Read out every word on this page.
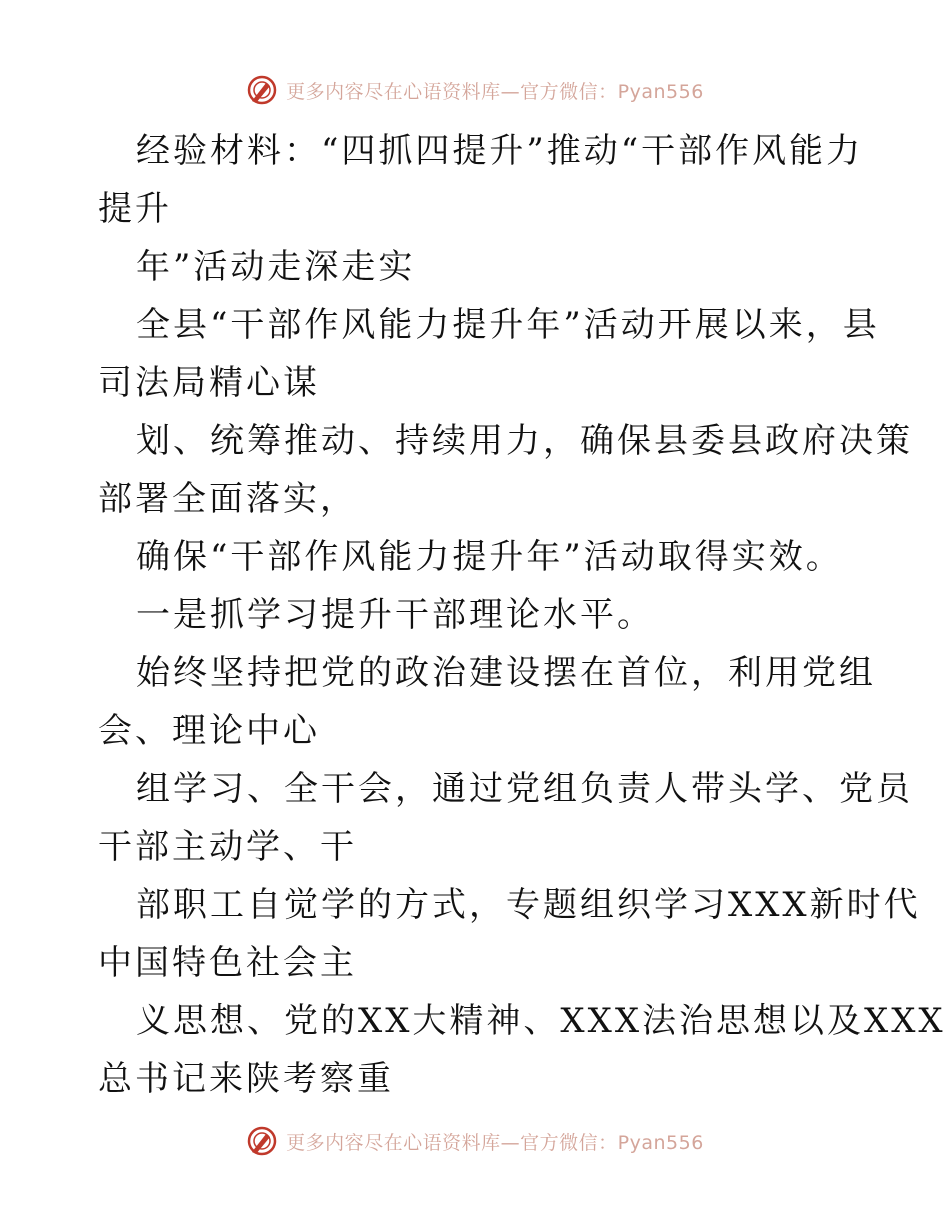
更多内容尽在心语资料库—官方微信：Pyan556
经验材料：“四抓四提升”推动“干部作风能力
提升
年”活动走深走实
全县“干部作风能力提升年”活动开展以来，县
司法局精心谋
划、统筹推动、持续用力，确保县委县政府决策
部署全面落实，
确保“干部作风能力提升年”活动取得实效。
一是抓学习提升干部理论水平。
始终坚持把党的政治建设摆在首位，利用党组
会、理论中心
组学习、全干会，通过党组负责人带头学、党员
干部主动学、干
部职工自觉学的方式，专题组织学习XXX新时代
中国特色社会主
义思想、党的XX大精神、XXX法治思想以及XXX
总书记来陕考察重
更多内容尽在心语资料库—官方微信：Pyan556
